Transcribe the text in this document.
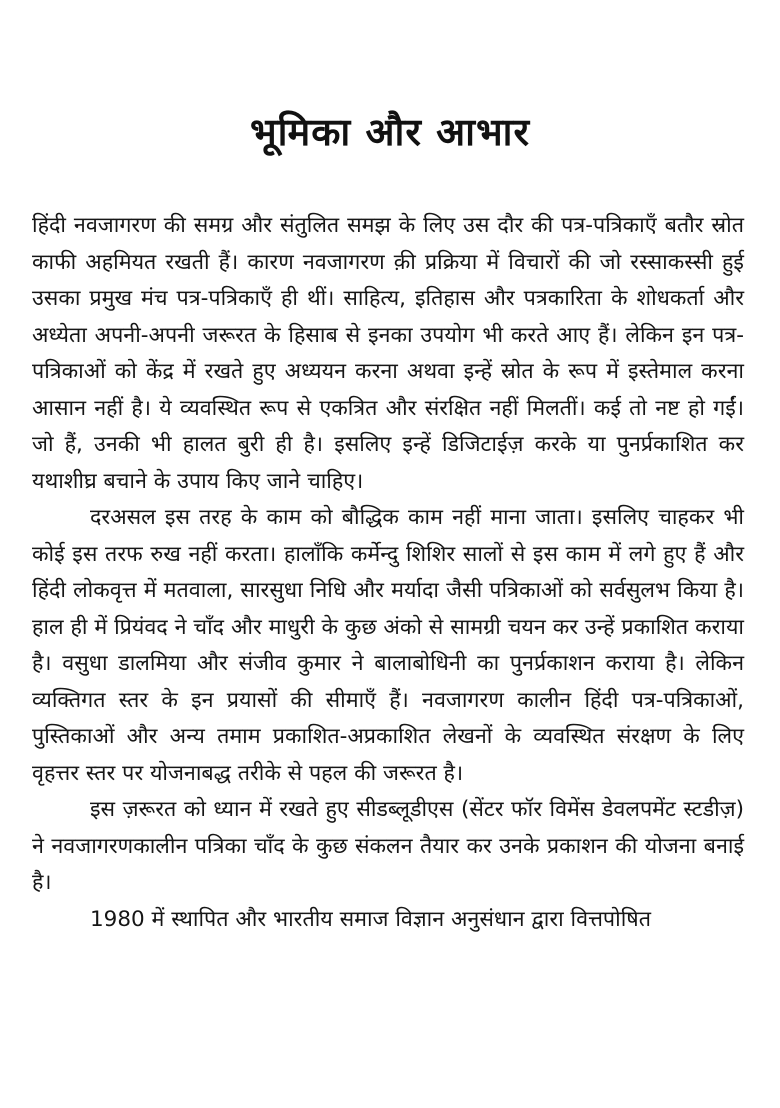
भूमिका और आभार

हिंदी नवजागरण की समग्र और संतुलित समझ के लिए उस दौर की पत्र-पत्रिकाएँ बतौर स्रोत काफी अहमियत रखती हैं। कारण नवजागरण क़ी प्रक्रिया में विचारों की जो रस्साकस्सी हुई उसका प्रमुख मंच पत्र-पत्रिकाएँ ही थीं। साहित्य, इतिहास और पत्रकारिता के शोधकर्ता और अध्येता अपनी-अपनी जरूरत के हिसाब से इनका उपयोग भी करते आए हैं। लेकिन इन पत्र-पत्रिकाओं को केंद्र में रखते हुए अध्ययन करना अथवा इन्हें स्रोत के रूप में इस्तेमाल करना आसान नहीं है। ये व्यवस्थित रूप से एकत्रित और संरक्षित नहीं मिलतीं। कई तो नष्ट हो गईं। जो हैं, उनकी भी हालत बुरी ही है। इसलिए इन्हें डिजिटाईज़ करके या पुनर्प्रकाशित कर यथाशीघ्र बचाने के उपाय किए जाने चाहिए।

दरअसल इस तरह के काम को बौद्धिक काम नहीं माना जाता। इसलिए चाहकर भी कोई इस तरफ रुख नहीं करता। हालाँकि कर्मेन्दु शिशिर सालों से इस काम में लगे हुए हैं और हिंदी लोकवृत्त में मतवाला, सारसुधा निधि और मर्यादा जैसी पत्रिकाओं को सर्वसुलभ किया है। हाल ही में प्रियंवद ने चाँद और माधुरी के कुछ अंको से सामग्री चयन कर उन्हें प्रकाशित कराया है। वसुधा डालमिया और संजीव कुमार ने बालाबोधिनी का पुनर्प्रकाशन कराया है। लेकिन व्यक्तिगत स्तर के इन प्रयासों की सीमाएँ हैं। नवजागरण कालीन हिंदी पत्र-पत्रिकाओं, पुस्तिकाओं और अन्य तमाम प्रकाशित-अप्रकाशित लेखनों के व्यवस्थित संरक्षण के लिए वृहत्तर स्तर पर योजनाबद्ध तरीके से पहल की जरूरत है।

इस ज़रूरत को ध्यान में रखते हुए सीडब्लूडीएस (सेंटर फॉर विमेंस डेवलपमेंट स्टडीज़) ने नवजागरणकालीन पत्रिका चाँद के कुछ संकलन तैयार कर उनके प्रकाशन की योजना बनाई है।

1980 में स्थापित और भारतीय समाज विज्ञान अनुसंधान द्वारा वित्तपोषित
